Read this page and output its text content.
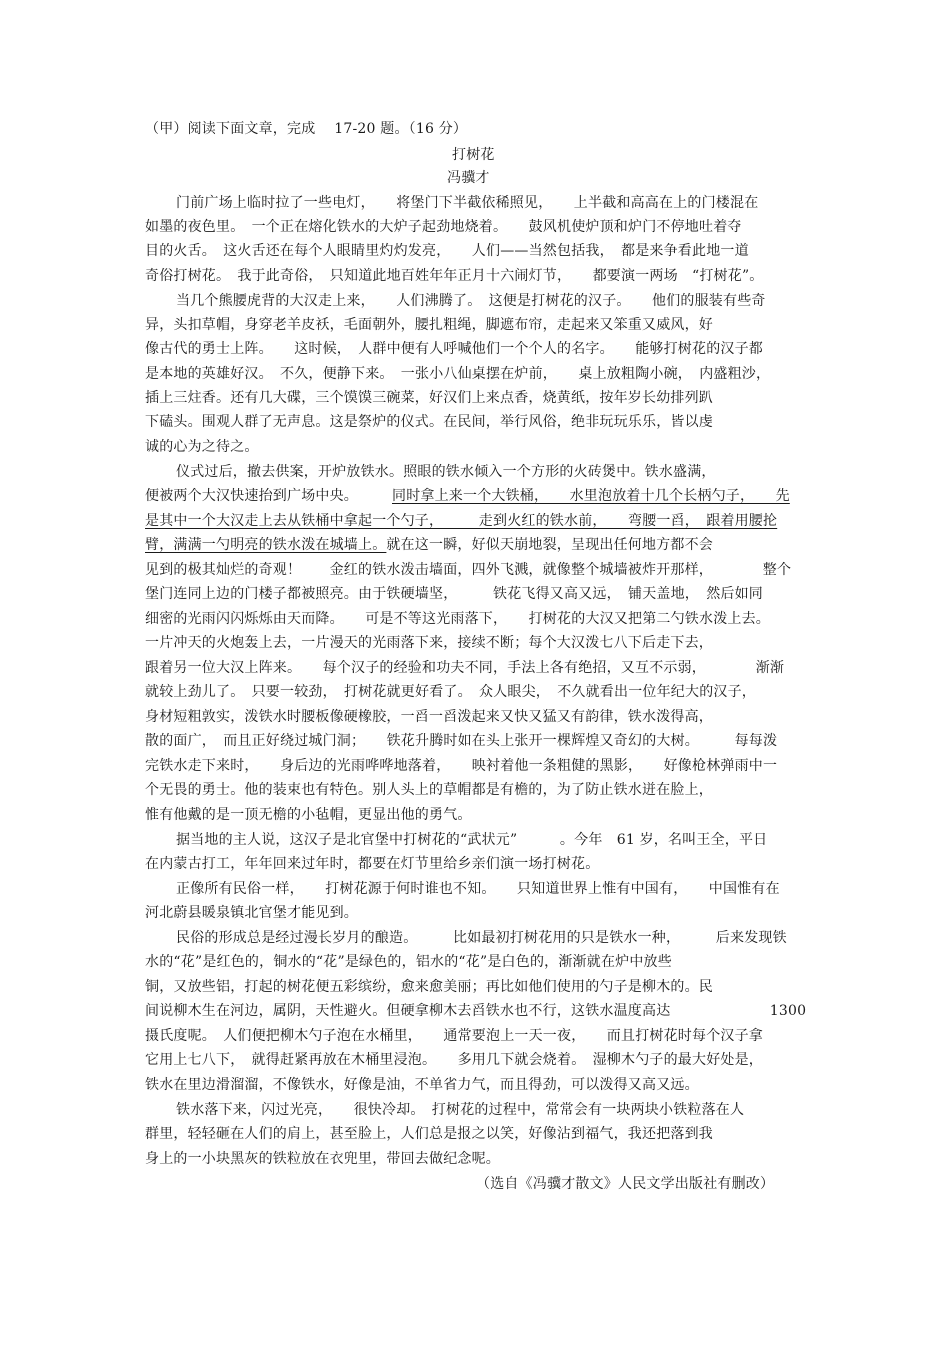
（甲）阅读下面文章，完成　 17-20 题。（16 分）
打树花
冯骥才
门前广场上临时拉了一些电灯，　　将堡门下半截依稀照见，　　上半截和高高在上的门楼混在
如墨的夜色里。　一个正在熔化铁水的大炉子起劲地烧着。　　鼓风机使炉顶和炉门不停地吐着夺
目的火舌。　这火舌还在每个人眼睛里灼灼发亮，　　人们——当然包括我，　都是来争看此地一道
奇俗打树花。　我于此奇俗，　只知道此地百姓年年正月十六闹灯节，　　都要演一两场　“打树花”。
当几个熊腰虎背的大汉走上来，　　人们沸腾了。　这便是打树花的汉子。　　他们的服装有些奇
异，头扣草帽，身穿老羊皮袄，毛面朝外，腰扎粗绳，脚遮布帘，走起来又笨重又威风，好
像古代的勇士上阵。　　这时候，　人群中便有人呼喊他们一个个人的名字。　　能够打树花的汉子都
是本地的英雄好汉。　不久，便静下来。　一张小八仙桌摆在炉前，　　桌上放粗陶小碗，　内盛粗沙，
插上三炷香。还有几大碟，三个馍馍三碗菜，好汉们上来点香，烧黄纸，按年岁长幼排列趴
下磕头。围观人群了无声息。这是祭炉的仪式。在民间，举行风俗，绝非玩玩乐乐，皆以虔
诚的心为之待之。
仪式过后，撤去供案，开炉放铁水。照眼的铁水倾入一个方形的火砖煲中。铁水盛满，
便被两个大汉快速抬到广场中央。 同时拿上来一个大铁桶，　　水里泡放着十几个长柄勺子，　　先
是其中一个大汉走上去从铁桶中拿起一个勺子，　　　走到火红的铁水前，　　弯腰一舀，　跟着用腰抡
臂，满满一勺明亮的铁水泼在城墙上。就在这一瞬，好似天崩地裂，呈现出任何地方都不会
见到的极其灿烂的奇观！　　金红的铁水泼击墙面，四外飞溅，就像整个城墙被炸开那样，　　　　整个
堡门连同上边的门楼子都被照亮。由于铁硬墙坚，　　　铁花飞得又高又远，　铺天盖地，　然后如同
细密的光雨闪闪烁烁由天而降。　　可是不等这光雨落下，　　打树花的大汉又把第二勺铁水泼上去。
一片冲天的火炮轰上去，一片漫天的光雨落下来，接续不断；每个大汉泼七八下后走下去，
跟着另一位大汉上阵来。　　每个汉子的经验和功夫不同，手法上各有绝招，又互不示弱，　　　　渐渐
就较上劲儿了。　只要一较劲，　打树花就更好看了。　众人眼尖，　不久就看出一位年纪大的汉子，
身材短粗敦实，泼铁水时腰板像硬橡胶，一舀一舀泼起来又快又猛又有韵律，铁水泼得高，
散的面广，　而且正好绕过城门洞；　　铁花升腾时如在头上张开一棵辉煌又奇幻的大树。　　　每每泼
完铁水走下来时，　　身后边的光雨哗哗地落着，　　映衬着他一条粗健的黑影，　　好像枪林弹雨中一
个无畏的勇士。他的装束也有特色。别人头上的草帽都是有檐的，为了防止铁水迸在脸上，
惟有他戴的是一顶无檐的小毡帽，更显出他的勇气。
据当地的主人说，这汉子是北官堡中打树花的“武状元”　　　。今年　61 岁，名叫王全，平日
在内蒙古打工，年年回来过年时，都要在灯节里给乡亲们演一场打树花。
正像所有民俗一样，　　打树花源于何时谁也不知。　　只知道世界上惟有中国有，　　中国惟有在
河北蔚县暖泉镇北官堡才能见到。
民俗的形成总是经过漫长岁月的酿造。　　　比如最初打树花用的只是铁水一种，　　　后来发现铁
水的“花”是红色的，铜水的“花”是绿色的，铝水的“花”是白色的，渐渐就在炉中放些
铜，又放些铝，打起的树花便五彩缤纷，愈来愈美丽；再比如他们使用的勺子是柳木的。民
间说柳木生在河边，属阴，天性避火。但硬拿柳木去舀铁水也不行，这铁水温度高达　　　　　　　1300
摄氏度呢。　人们便把柳木勺子泡在水桶里，　　通常要泡上一天一夜，　　而且打树花时每个汉子拿
它用上七八下，　就得赶紧再放在木桶里浸泡。　　多用几下就会烧着。　湿柳木勺子的最大好处是，
铁水在里边滑溜溜，不像铁水，好像是油，不单省力气，而且得劲，可以泼得又高又远。
铁水落下来，闪过光亮，　　很快冷却。　打树花的过程中，常常会有一块两块小铁粒落在人
群里，轻轻砸在人们的肩上，甚至脸上，人们总是报之以笑，好像沾到福气，我还把落到我
身上的一小块黑灰的铁粒放在衣兜里，带回去做纪念呢。
（选自《冯骥才散文》人民文学出版社有删改）
